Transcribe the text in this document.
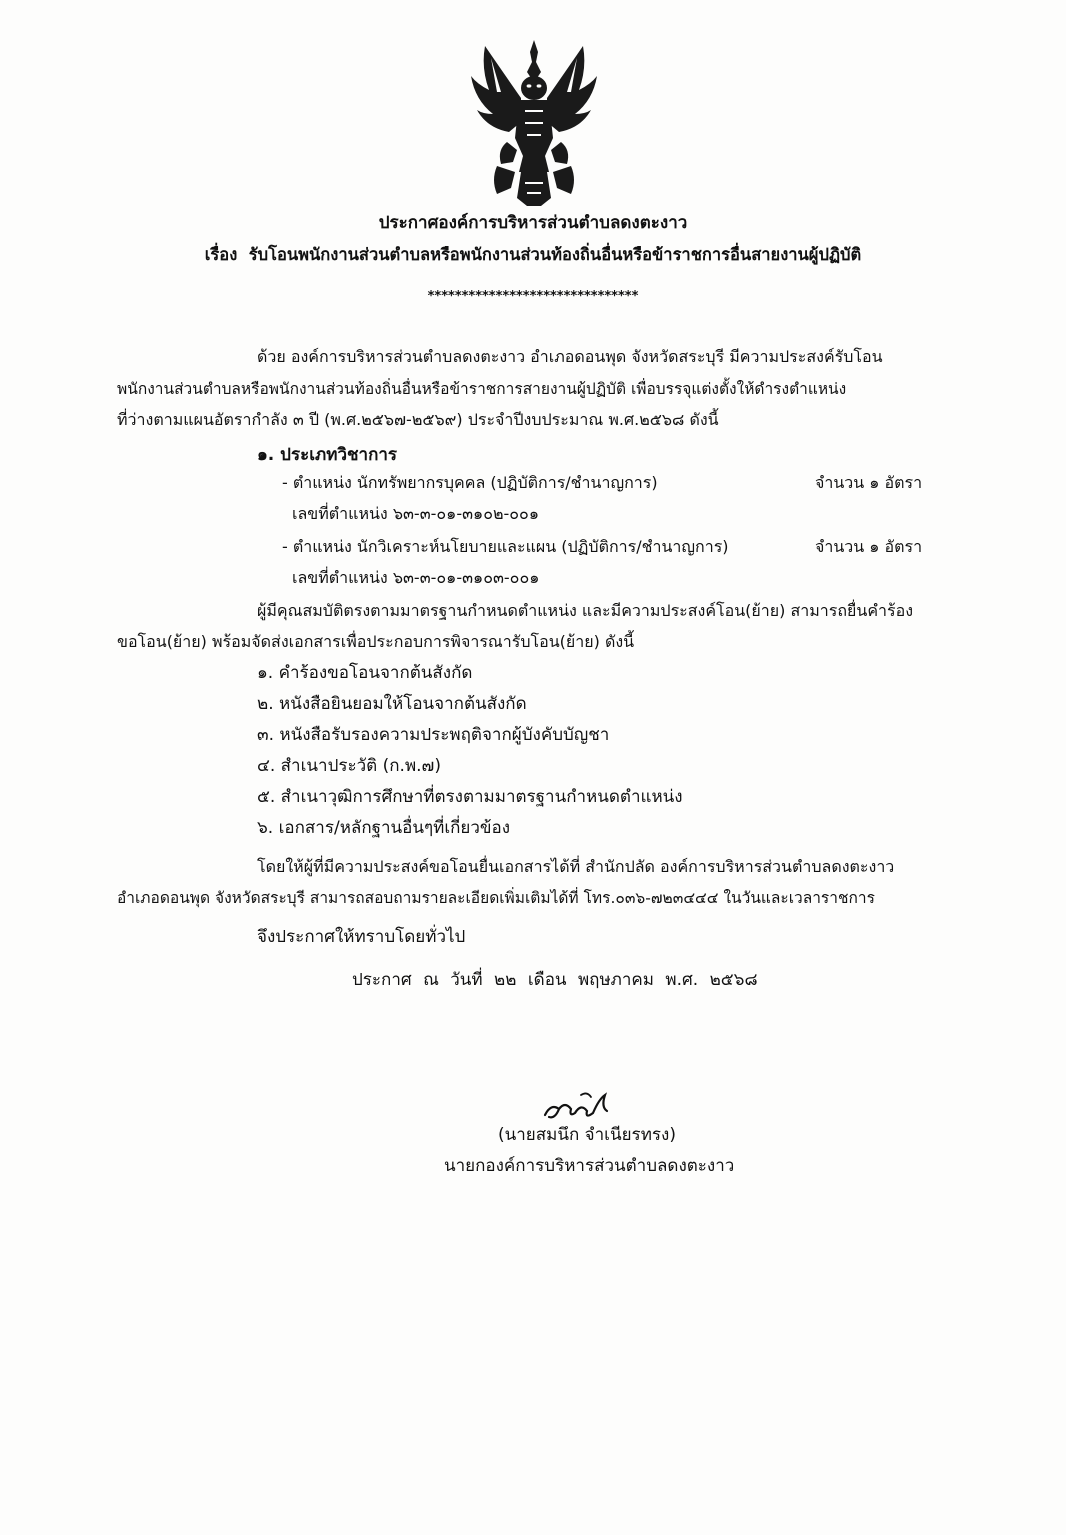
ประกาศองค์การบริหารส่วนตำบลดงตะงาว
เรื่อง รับโอนพนักงานส่วนตำบลหรือพนักงานส่วนท้องถิ่นอื่นหรือข้าราชการอื่นสายงานผู้ปฏิบัติ
*******************************
ด้วย องค์การบริหารส่วนตำบลดงตะงาว อำเภอดอนพุด จังหวัดสระบุรี มีความประสงค์รับโอน
พนักงานส่วนตำบลหรือพนักงานส่วนท้องถิ่นอื่นหรือข้าราชการสายงานผู้ปฏิบัติ เพื่อบรรจุแต่งตั้งให้ดำรงตำแหน่ง
ที่ว่างตามแผนอัตรากำลัง ๓ ปี (พ.ศ.๒๕๖๗-๒๕๖๙) ประจำปีงบประมาณ พ.ศ.๒๕๖๘ ดังนี้
๑. ประเภทวิชาการ
- ตำแหน่ง นักทรัพยากรบุคคล (ปฏิบัติการ/ชำนาญการ)	จำนวน ๑ อัตรา
เลขที่ตำแหน่ง ๖๓-๓-๐๑-๓๑๐๒-๐๐๑
- ตำแหน่ง นักวิเคราะห์นโยบายและแผน (ปฏิบัติการ/ชำนาญการ)	จำนวน ๑ อัตรา
เลขที่ตำแหน่ง ๖๓-๓-๐๑-๓๑๐๓-๐๐๑
ผู้มีคุณสมบัติตรงตามมาตรฐานกำหนดตำแหน่ง และมีความประสงค์โอน(ย้าย) สามารถยื่นคำร้อง
ขอโอน(ย้าย) พร้อมจัดส่งเอกสารเพื่อประกอบการพิจารณารับโอน(ย้าย) ดังนี้
๑. คำร้องขอโอนจากต้นสังกัด
๒. หนังสือยินยอมให้โอนจากต้นสังกัด
๓. หนังสือรับรองความประพฤติจากผู้บังคับบัญชา
๔. สำเนาประวัติ (ก.พ.๗)
๕. สำเนาวุฒิการศึกษาที่ตรงตามมาตรฐานกำหนดตำแหน่ง
๖. เอกสาร/หลักฐานอื่นๆที่เกี่ยวข้อง
โดยให้ผู้ที่มีความประสงค์ขอโอนยื่นเอกสารได้ที่ สำนักปลัด องค์การบริหารส่วนตำบลดงตะงาว
อำเภอดอนพุด จังหวัดสระบุรี สามารถสอบถามรายละเอียดเพิ่มเติมได้ที่ โทร.๐๓๖-๗๒๓๔๔๔ ในวันและเวลาราชการ
จึงประกาศให้ทราบโดยทั่วไป
ประกาศ ณ วันที่ ๒๒ เดือน พฤษภาคม พ.ศ. ๒๕๖๘
(นายสมนึก จำเนียรทรง)
นายกองค์การบริหารส่วนตำบลดงตะงาว
